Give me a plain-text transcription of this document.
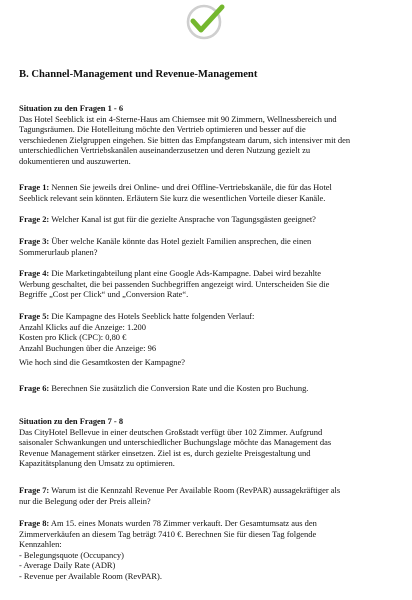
B. Channel-Management und Revenue-Management
Situation zu den Fragen 1 - 6
Das Hotel Seeblick ist ein 4-Sterne-Haus am Chiemsee mit 90 Zimmern, Wellnessbereich und
Tagungsräumen. Die Hotelleitung möchte den Vertrieb optimieren und besser auf die
verschiedenen Zielgruppen eingehen. Sie bitten das Empfangsteam darum, sich intensiver mit den
unterschiedlichen Vertriebskanälen auseinanderzusetzen und deren Nutzung gezielt zu
dokumentieren und auszuwerten.
Frage 1: Nennen Sie jeweils drei Online- und drei Offline-Vertriebskanäle, die für das Hotel
Seeblick relevant sein könnten. Erläutern Sie kurz die wesentlichen Vorteile dieser Kanäle.
Frage 2: Welcher Kanal ist gut für die gezielte Ansprache von Tagungsgästen geeignet?
Frage 3: Über welche Kanäle könnte das Hotel gezielt Familien ansprechen, die einen
Sommerurlaub planen?
Frage 4: Die Marketingabteilung plant eine Google Ads-Kampagne. Dabei wird bezahlte
Werbung geschaltet, die bei passenden Suchbegriffen angezeigt wird. Unterscheiden Sie die
Begriffe „Cost per Click“ und „Conversion Rate“.
Frage 5: Die Kampagne des Hotels Seeblick hatte folgenden Verlauf:
Anzahl Klicks auf die Anzeige: 1.200
Kosten pro Klick (CPC): 0,80 €
Anzahl Buchungen über die Anzeige: 96
Wie hoch sind die Gesamtkosten der Kampagne?
Frage 6: Berechnen Sie zusätzlich die Conversion Rate und die Kosten pro Buchung.
Situation zu den Fragen 7 - 8
Das CityHotel Bellevue in einer deutschen Großstadt verfügt über 102 Zimmer. Aufgrund
saisonaler Schwankungen und unterschiedlicher Buchungslage möchte das Management das
Revenue Management stärker einsetzen. Ziel ist es, durch gezielte Preisgestaltung und
Kapazitätsplanung den Umsatz zu optimieren.
Frage 7: Warum ist die Kennzahl Revenue Per Available Room (RevPAR) aussagekräftiger als
nur die Belegung oder der Preis allein?
Frage 8: Am 15. eines Monats wurden 78 Zimmer verkauft. Der Gesamtumsatz aus den
Zimmerverkäufen an diesem Tag beträgt 7410 €. Berechnen Sie für diesen Tag folgende
Kennzahlen:
- Belegungsquote (Occupancy)
- Average Daily Rate (ADR)
- Revenue per Available Room (RevPAR).
